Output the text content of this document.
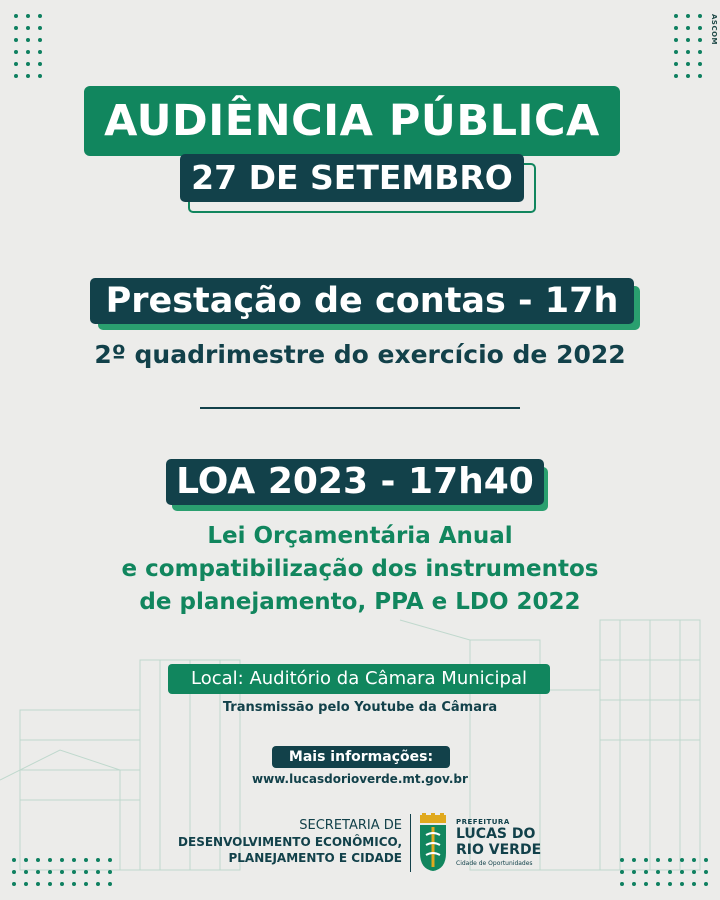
ASCOM
AUDIÊNCIA PÚBLICA
27 DE SETEMBRO
Prestação de contas - 17h
2º quadrimestre do exercício de 2022
LOA 2023 - 17h40
Lei Orçamentária Anual
e compatibilização dos instrumentos
de planejamento, PPA e LDO 2022
Local: Auditório da Câmara Municipal
Transmissão pelo Youtube da Câmara
Mais informações:
www.lucasdorioverde.mt.gov.br
SECRETARIA DE
DESENVOLVIMENTO ECONÔMICO,
PLANEJAMENTO E CIDADE
PREFEITURA
LUCAS DO
RIO VERDE
Cidade de Oportunidades
